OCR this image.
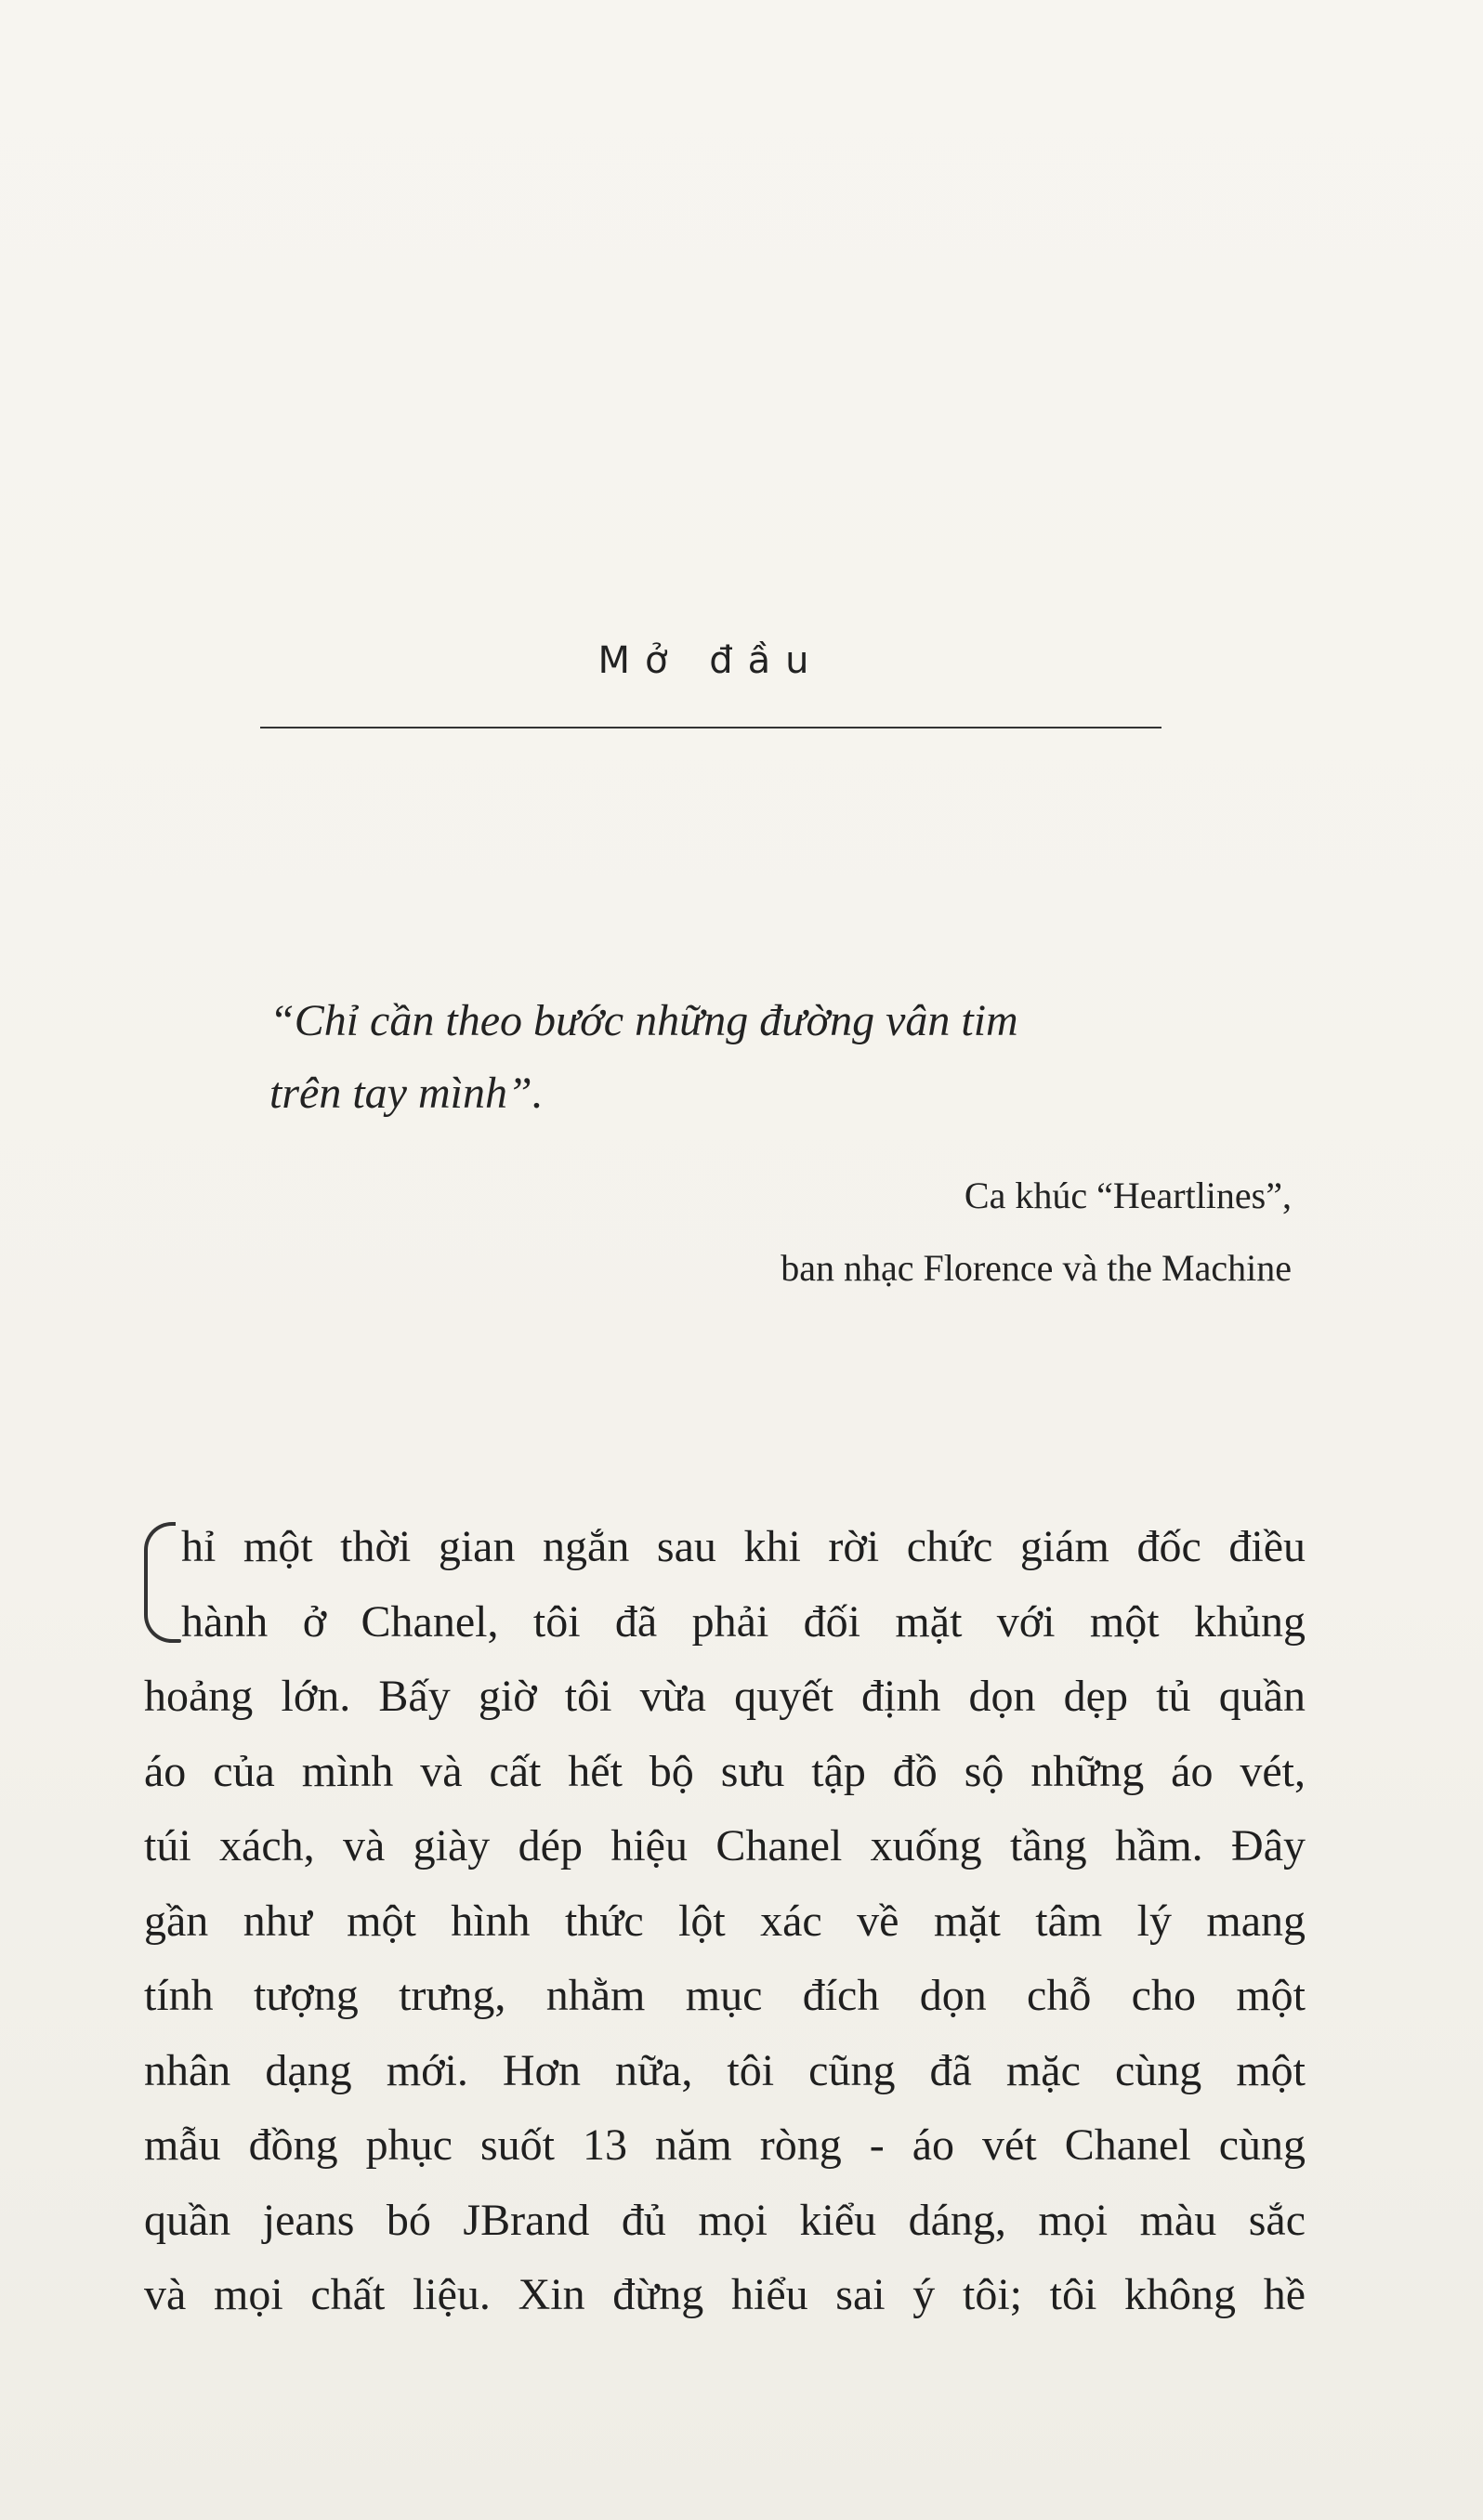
Mở đầu
“Chỉ cần theo bước những đường vân tim
trên tay mình”.
Ca khúc “Heartlines”,
ban nhạc Florence và the Machine
hỉ một thời gian ngắn sau khi rời chức giám đốc điều
hành ở Chanel, tôi đã phải đối mặt với một khủng
hoảng lớn. Bấy giờ tôi vừa quyết định dọn dẹp tủ quần
áo của mình và cất hết bộ sưu tập đồ sộ những áo vét,
túi xách, và giày dép hiệu Chanel xuống tầng hầm. Đây
gần như một hình thức lột xác về mặt tâm lý mang
tính tượng trưng, nhằm mục đích dọn chỗ cho một
nhân dạng mới. Hơn nữa, tôi cũng đã mặc cùng một
mẫu đồng phục suốt 13 năm ròng - áo vét Chanel cùng
quần jeans bó JBrand đủ mọi kiểu dáng, mọi màu sắc
và mọi chất liệu. Xin đừng hiểu sai ý tôi; tôi không hề
